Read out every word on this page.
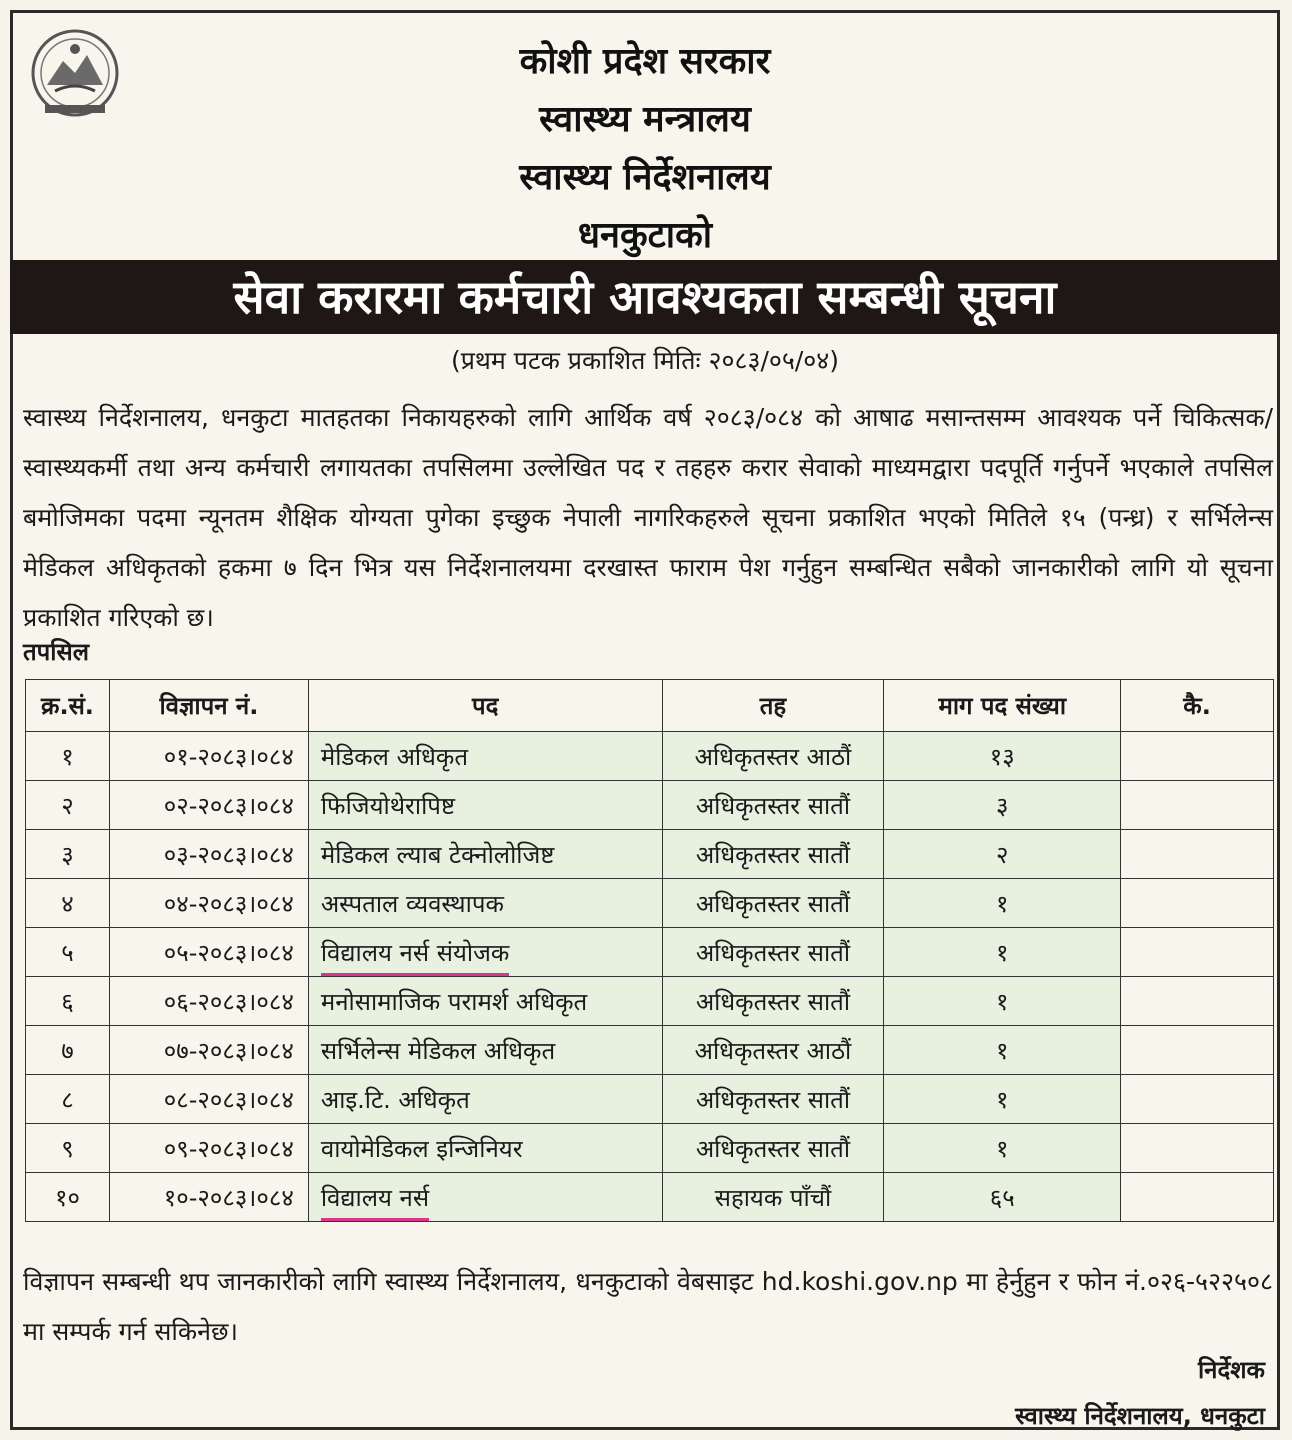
कोशी प्रदेश सरकार
स्वास्थ्य मन्त्रालय
स्वास्थ्य निर्देशनालय
धनकुटाको
सेवा करारमा कर्मचारी आवश्यकता सम्बन्धी सूचना
(प्रथम पटक प्रकाशित मितिः २०८३/०५/०४)
स्वास्थ्य निर्देशनालय, धनकुटा मातहतका निकायहरुको लागि आर्थिक वर्ष २०८३/०८४ को आषाढ मसान्तसम्म आवश्यक पर्ने चिकित्सक/ स्वास्थ्यकर्मी तथा अन्य कर्मचारी लगायतका तपसिलमा उल्लेखित पद र तहहरु करार सेवाको माध्यमद्वारा पदपूर्ति गर्नुपर्ने भएकाले तपसिल बमोजिमका पदमा न्यूनतम शैक्षिक योग्यता पुगेका इच्छुक नेपाली नागरिकहरुले सूचना प्रकाशित भएको मितिले १५ (पन्ध्र) र सर्भिलेन्स मेडिकल अधिकृतको हकमा ७ दिन भित्र यस निर्देशनालयमा दरखास्त फाराम पेश गर्नुहुन सम्बन्धित सबैको जानकारीको लागि यो सूचना प्रकाशित गरिएको छ।
तपसिल
क्र.सं.	विज्ञापन नं.	पद	तह	माग पद संख्या	कै.
१	०१-२०८३।०८४	मेडिकल अधिकृत	अधिकृतस्तर आठौं	१३	
२	०२-२०८३।०८४	फिजियोथेरापिष्ट	अधिकृतस्तर सातौं	३	
३	०३-२०८३।०८४	मेडिकल ल्याब टेक्नोलोजिष्ट	अधिकृतस्तर सातौं	२	
४	०४-२०८३।०८४	अस्पताल व्यवस्थापक	अधिकृतस्तर सातौं	१	
५	०५-२०८३।०८४	विद्यालय नर्स संयोजक	अधिकृतस्तर सातौं	१	
६	०६-२०८३।०८४	मनोसामाजिक परामर्श अधिकृत	अधिकृतस्तर सातौं	१	
७	०७-२०८३।०८४	सर्भिलेन्स मेडिकल अधिकृत	अधिकृतस्तर आठौं	१	
८	०८-२०८३।०८४	आइ.टि. अधिकृत	अधिकृतस्तर सातौं	१	
९	०९-२०८३।०८४	वायोमेडिकल इन्जिनियर	अधिकृतस्तर सातौं	१	
१०	१०-२०८३।०८४	विद्यालय नर्स	सहायक पाँचौं	६५	
विज्ञापन सम्बन्धी थप जानकारीको लागि स्वास्थ्य निर्देशनालय, धनकुटाको वेबसाइट hd.koshi.gov.np मा हेर्नुहुन र फोन नं.०२६-५२२५०८ मा सम्पर्क गर्न सकिनेछ।
निर्देशक
स्वास्थ्य निर्देशनालय, धनकुटा
